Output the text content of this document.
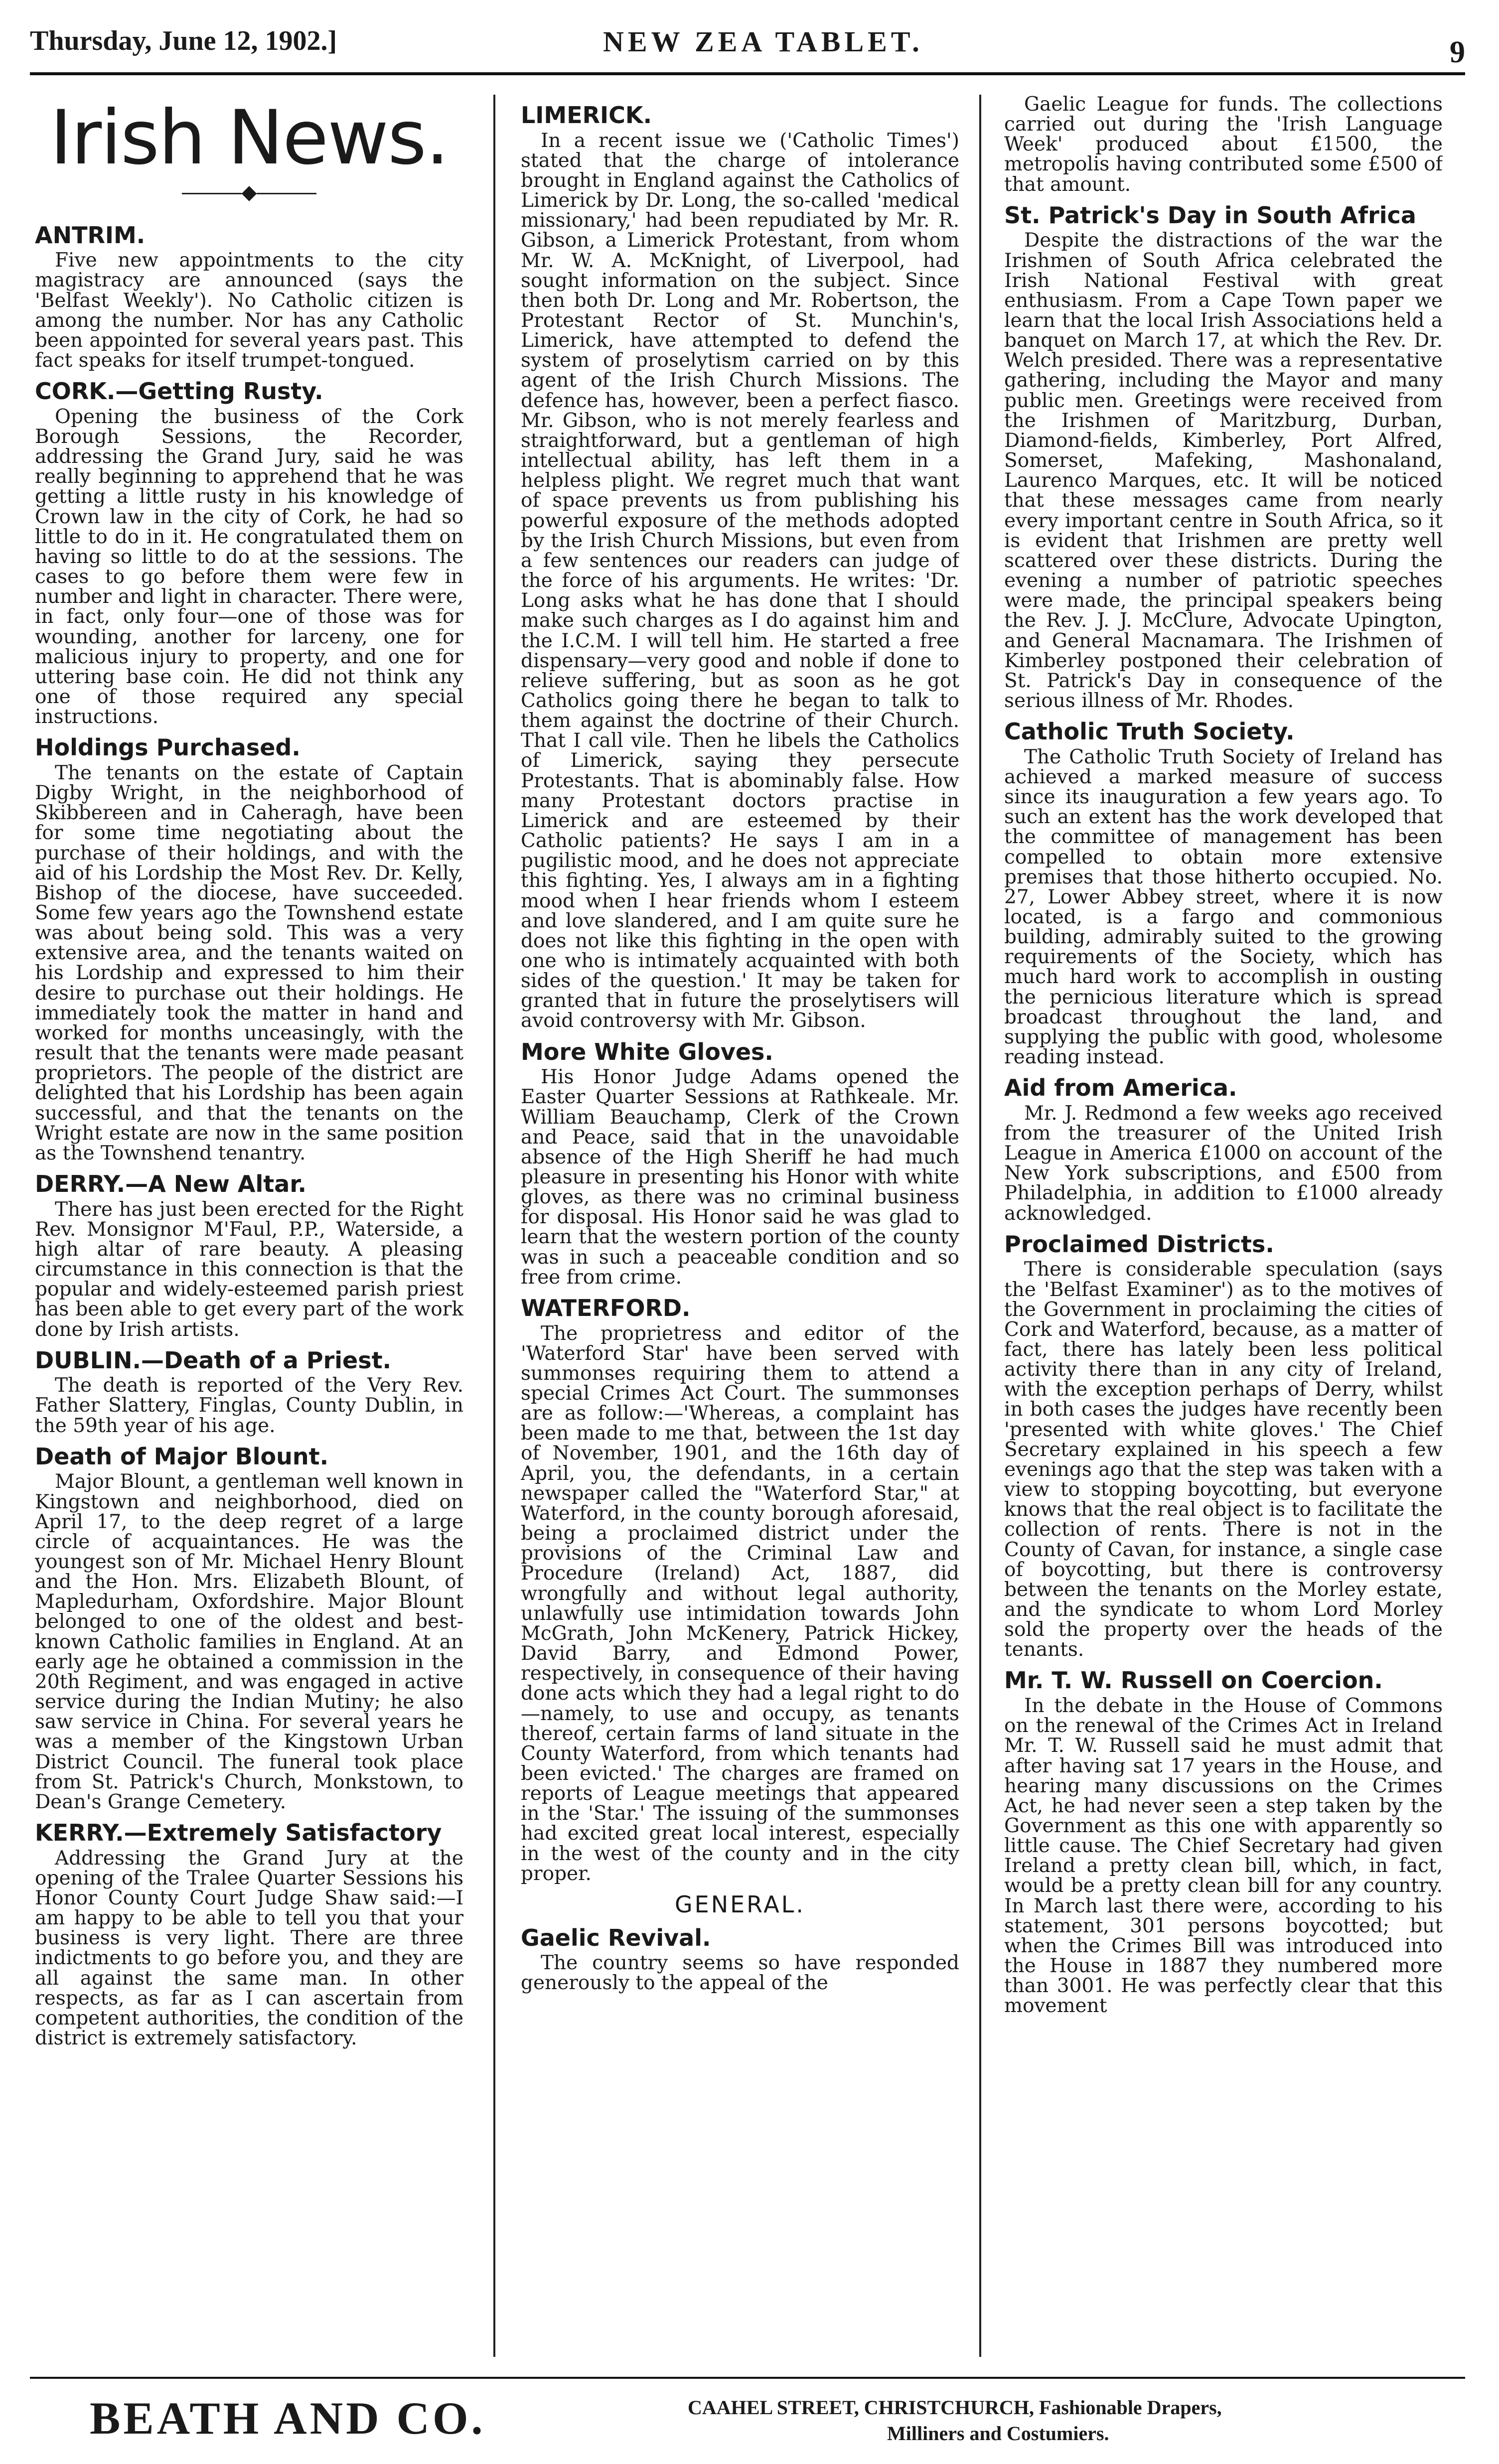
Thursday, June 12, 1902.]	NEW ZEA TABLET.	9
Irish News.
◆
ANTRIM.

Five new appointments to the city magistracy are announced (says the 'Belfast Weekly'). No Catholic citizen is among the number. Nor has any Catholic been appointed for several years past. This fact speaks for itself trumpet-tongued.

CORK.—Getting Rusty.

Opening the business of the Cork Borough Sessions, the Recorder, addressing the Grand Jury, said he was really beginning to apprehend that he was getting a little rusty in his knowledge of Crown law in the city of Cork, he had so little to do in it. He congratulated them on having so little to do at the sessions. The cases to go before them were few in number and light in character. There were, in fact, only four—one of those was for wounding, another for larceny, one for malicious injury to property, and one for uttering base coin. He did not think any one of those required any special instructions.

Holdings Purchased.

The tenants on the estate of Captain Digby Wright, in the neighborhood of Skibbereen and in Caheragh, have been for some time negotiating about the purchase of their holdings, and with the aid of his Lordship the Most Rev. Dr. Kelly, Bishop of the diocese, have succeeded. Some few years ago the Townshend estate was about being sold. This was a very extensive area, and the tenants waited on his Lordship and expressed to him their desire to purchase out their holdings. He immediately took the matter in hand and worked for months unceasingly, with the result that the tenants were made peasant proprietors. The people of the district are delighted that his Lordship has been again successful, and that the tenants on the Wright estate are now in the same position as the Townshend tenantry.

DERRY.—A New Altar.

There has just been erected for the Right Rev. Monsignor M'Faul, P.P., Waterside, a high altar of rare beauty. A pleasing circumstance in this connection is that the popular and widely-esteemed parish priest has been able to get every part of the work done by Irish artists.

DUBLIN.—Death of a Priest.

The death is reported of the Very Rev. Father Slattery, Finglas, County Dublin, in the 59th year of his age.

Death of Major Blount.

Major Blount, a gentleman well known in Kingstown and neighborhood, died on April 17, to the deep regret of a large circle of acquaintances. He was the youngest son of Mr. Michael Henry Blount and the Hon. Mrs. Elizabeth Blount, of Mapledurham, Oxfordshire. Major Blount belonged to one of the oldest and best-known Catholic families in England. At an early age he obtained a commission in the 20th Regiment, and was engaged in active service during the Indian Mutiny; he also saw service in China. For several years he was a member of the Kingstown Urban District Council. The funeral took place from St. Patrick's Church, Monkstown, to Dean's Grange Cemetery.

KERRY.—Extremely Satisfactory

Addressing the Grand Jury at the opening of the Tralee Quarter Sessions his Honor County Court Judge Shaw said:—I am happy to be able to tell you that your business is very light. There are three indictments to go before you, and they are all against the same man. In other respects, as far as I can ascertain from competent authorities, the condition of the district is extremely satisfactory.

LIMERICK.

In a recent issue we ('Catholic Times') stated that the charge of intolerance brought in England against the Catholics of Limerick by Dr. Long, the so-called 'medical missionary,' had been repudiated by Mr. R. Gibson, a Limerick Protestant, from whom Mr. W. A. McKnight, of Liverpool, had sought information on the subject. Since then both Dr. Long and Mr. Robertson, the Protestant Rector of St. Munchin's, Limerick, have attempted to defend the system of proselytism carried on by this agent of the Irish Church Missions. The defence has, however, been a perfect fiasco. Mr. Gibson, who is not merely fearless and straightforward, but a gentleman of high intellectual ability, has left them in a helpless plight. We regret much that want of space prevents us from publishing his powerful exposure of the methods adopted by the Irish Church Missions, but even from a few sentences our readers can judge of the force of his arguments. He writes: 'Dr. Long asks what he has done that I should make such charges as I do against him and the I.C.M. I will tell him. He started a free dispensary—very good and noble if done to relieve suffering, but as soon as he got Catholics going there he began to talk to them against the doctrine of their Church. That I call vile. Then he libels the Catholics of Limerick, saying they persecute Protestants. That is abominably false. How many Protestant doctors practise in Limerick and are esteemed by their Catholic patients? He says I am in a pugilistic mood, and he does not appreciate this fighting. Yes, I always am in a fighting mood when I hear friends whom I esteem and love slandered, and I am quite sure he does not like this fighting in the open with one who is intimately acquainted with both sides of the question.' It may be taken for granted that in future the proselytisers will avoid controversy with Mr. Gibson.

More White Gloves.

His Honor Judge Adams opened the Easter Quarter Sessions at Rathkeale. Mr. William Beauchamp, Clerk of the Crown and Peace, said that in the unavoidable absence of the High Sheriff he had much pleasure in presenting his Honor with white gloves, as there was no criminal business for disposal. His Honor said he was glad to learn that the western portion of the county was in such a peaceable condition and so free from crime.

WATERFORD.

The proprietress and editor of the 'Waterford Star' have been served with summonses requiring them to attend a special Crimes Act Court. The summonses are as follow:—'Whereas, a complaint has been made to me that, between the 1st day of November, 1901, and the 16th day of April, you, the defendants, in a certain newspaper called the "Waterford Star," at Waterford, in the county borough aforesaid, being a proclaimed district under the provisions of the Criminal Law and Procedure (Ireland) Act, 1887, did wrongfully and without legal authority, unlawfully use intimidation towards John McGrath, John McKenery, Patrick Hickey, David Barry, and Edmond Power, respectively, in consequence of their having done acts which they had a legal right to do—namely, to use and occupy, as tenants thereof, certain farms of land situate in the County Waterford, from which tenants had been evicted.' The charges are framed on reports of League meetings that appeared in the 'Star.' The issuing of the summonses had excited great local interest, especially in the west of the county and in the city proper.

GENERAL.
Gaelic Revival.

The country seems so have responded generously to the appeal of the

Gaelic League for funds. The collections carried out during the 'Irish Language Week' produced about £1500, the metropolis having contributed some £500 of that amount.

St. Patrick's Day in South Africa

Despite the distractions of the war the Irishmen of South Africa celebrated the Irish National Festival with great enthusiasm. From a Cape Town paper we learn that the local Irish Associations held a banquet on March 17, at which the Rev. Dr. Welch presided. There was a representative gathering, including the Mayor and many public men. Greetings were received from the Irishmen of Maritzburg, Durban, Diamond-fields, Kimberley, Port Alfred, Somerset, Mafeking, Mashonaland, Laurenco Marques, etc. It will be noticed that these messages came from nearly every important centre in South Africa, so it is evident that Irishmen are pretty well scattered over these districts. During the evening a number of patriotic speeches were made, the principal speakers being the Rev. J. J. McClure, Advocate Upington, and General Macnamara. The Irishmen of Kimberley postponed their celebration of St. Patrick's Day in consequence of the serious illness of Mr. Rhodes.

Catholic Truth Society.

The Catholic Truth Society of Ireland has achieved a marked measure of success since its inauguration a few years ago. To such an extent has the work developed that the committee of management has been compelled to obtain more extensive premises that those hitherto occupied. No. 27, Lower Abbey street, where it is now located, is a fargo and commonious building, admirably suited to the growing requirements of the Society, which has much hard work to accomplish in ousting the pernicious literature which is spread broadcast throughout the land, and supplying the public with good, wholesome reading instead.

Aid from America.

Mr. J. Redmond a few weeks ago received from the treasurer of the United Irish League in America £1000 on account of the New York subscriptions, and £500 from Philadelphia, in addition to £1000 already acknowledged.

Proclaimed Districts.

There is considerable speculation (says the 'Belfast Examiner') as to the motives of the Government in proclaiming the cities of Cork and Waterford, because, as a matter of fact, there has lately been less political activity there than in any city of Ireland, with the exception perhaps of Derry, whilst in both cases the judges have recently been 'presented with white gloves.' The Chief Secretary explained in his speech a few evenings ago that the step was taken with a view to stopping boycotting, but everyone knows that the real object is to facilitate the collection of rents. There is not in the County of Cavan, for instance, a single case of boycotting, but there is controversy between the tenants on the Morley estate, and the syndicate to whom Lord Morley sold the property over the heads of the tenants.

Mr. T. W. Russell on Coercion.

In the debate in the House of Commons on the renewal of the Crimes Act in Ireland Mr. T. W. Russell said he must admit that after having sat 17 years in the House, and hearing many discussions on the Crimes Act, he had never seen a step taken by the Government as this one with apparently so little cause. The Chief Secretary had given Ireland a pretty clean bill, which, in fact, would be a pretty clean bill for any country. In March last there were, according to his statement, 301 persons boycotted; but when the Crimes Bill was introduced into the House in 1887 they numbered more than 3001. He was perfectly clear that this movement

BEATH AND CO.	CAAHEL STREET, CHRISTCHURCH, Fashionable Drapers,
Milliners and Costumiers.
